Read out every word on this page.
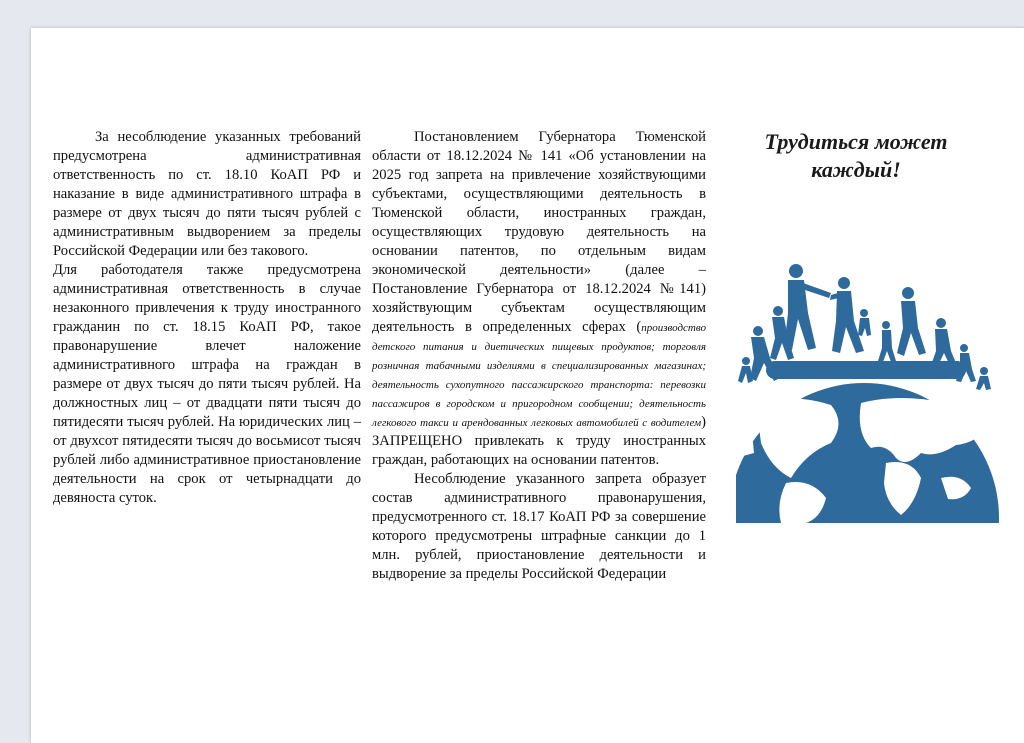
За несоблюдение указанных требований предусмотрена административная ответственность по ст. 18.10 КоАП РФ и наказание в виде административного штрафа в размере от двух тысяч до пяти тысяч рублей с административным выдворением за пределы Российской Федерации или без такового.

Для работодателя также предусмотрена административная ответственность в случае незаконного привлечения к труду иностранного гражданин по ст. 18.15 КоАП РФ, такое правонарушение влечет наложение административного штрафа на граждан в размере от двух тысяч до пяти тысяч рублей. На должностных лиц – от двадцати пяти тысяч до пятидесяти тысяч рублей. На юридических лиц – от двухсот пятидесяти тысяч до восьмисот тысяч рублей либо административное приостановление деятельности на срок от четырнадцати до девяноста суток.

Постановлением Губернатора Тюменской области от 18.12.2024 № 141 «Об установлении на 2025 год запрета на привлечение хозяйствующими субъектами, осуществляющими деятельность в Тюменской области, иностранных граждан, осуществляющих трудовую деятельность на основании патентов, по отдельным видам экономической деятельности» (далее – Постановление Губернатора от 18.12.2024 №141) хозяйствующим субъектам осуществляющим деятельность в определенных сферах (производство детского питания и диетических пищевых продуктов; торговля розничная табачными изделиями в специализированных магазинах; деятельность сухопутного пассажирского транспорта: перевозки пассажиров в городском и пригородном сообщении; деятельность легкового такси и арендованных легковых автомобилей с водителем) ЗАПРЕЩЕНО привлекать к труду иностранных граждан, работающих на основании патентов.

Несоблюдение указанного запрета образует состав административного правонарушения, предусмотренного ст. 18.17 КоАП РФ за совершение которого предусмотрены штрафные санкции до 1 млн. рублей, приостановление деятельности и выдворение за пределы Российской Федерации

Трудиться может каждый!
